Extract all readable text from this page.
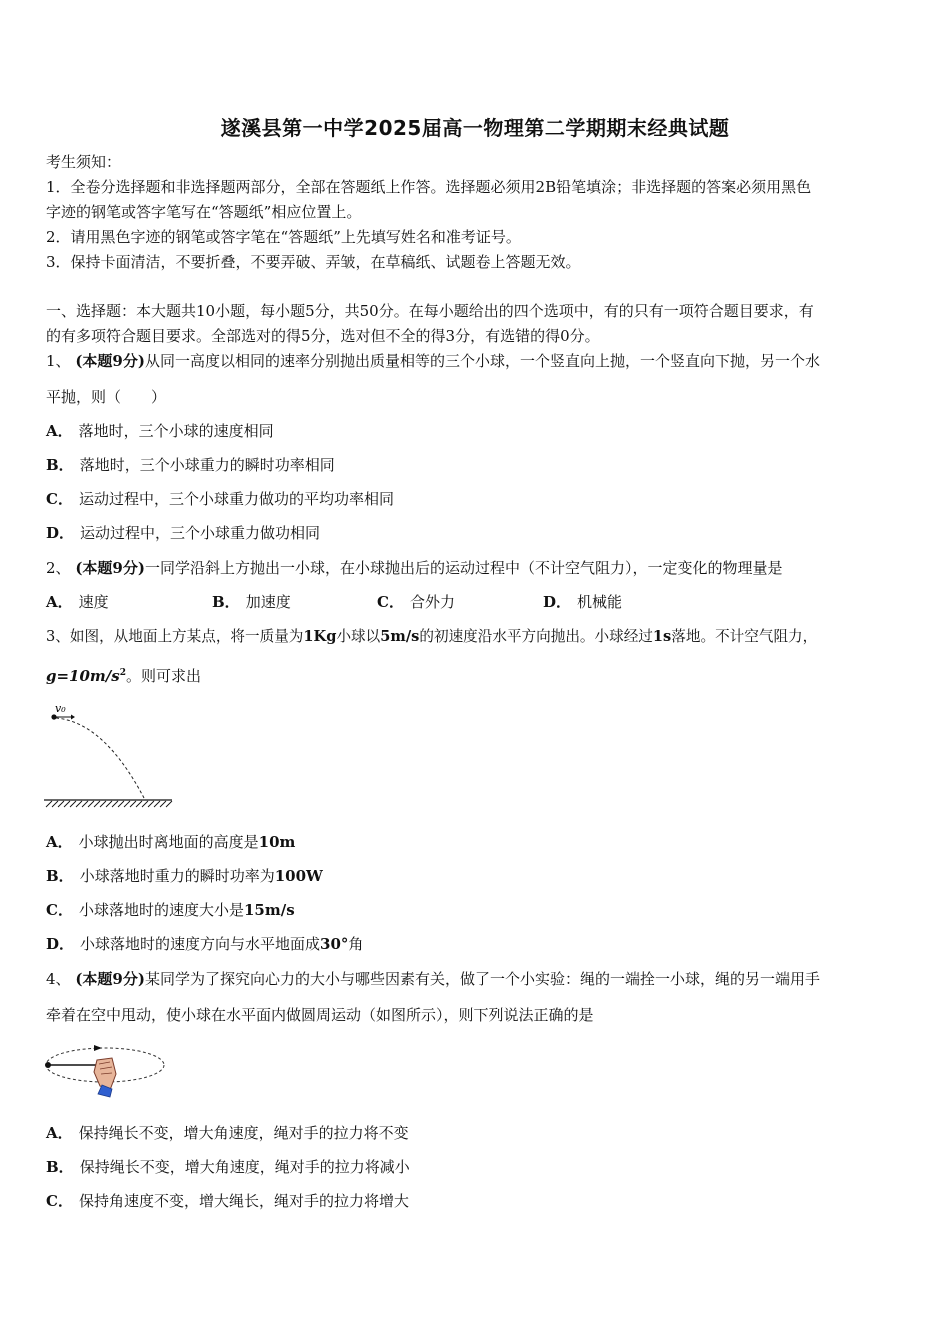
遂溪县第一中学2025届高一物理第二学期期末经典试题
考生须知：
1．全卷分选择题和非选择题两部分，全部在答题纸上作答。选择题必须用2B铅笔填涂；非选择题的答案必须用黑色
字迹的钢笔或答字笔写在“答题纸”相应位置上。
2．请用黑色字迹的钢笔或答字笔在“答题纸”上先填写姓名和准考证号。
3．保持卡面清洁，不要折叠，不要弄破、弄皱，在草稿纸、试题卷上答题无效。
一、选择题：本大题共10小题，每小题5分，共50分。在每小题给出的四个选项中，有的只有一项符合题目要求，有
的有多项符合题目要求。全部选对的得5分，选对但不全的得3分，有选错的得0分。
1、 (本题9分)从同一高度以相同的速率分别抛出质量相等的三个小球，一个竖直向上抛，一个竖直向下抛，另一个水
平抛，则（　　）
A． 落地时，三个小球的速度相同
B． 落地时，三个小球重力的瞬时功率相同
C． 运动过程中，三个小球重力做功的平均功率相同
D． 运动过程中，三个小球重力做功相同
2、 (本题9分)一同学沿斜上方抛出一小球，在小球抛出后的运动过程中（不计空气阻力），一定变化的物理量是
A． 速度	B． 加速度	C． 合外力	D． 机械能
3、如图，从地面上方某点，将一质量为1Kg小球以5m/s的初速度沿水平方向抛出。小球经过1s落地。不计空气阻力，
$g=10m/s^2$。则可求出
v₀
A． 小球抛出时离地面的高度是10m
B． 小球落地时重力的瞬时功率为100W
C． 小球落地时的速度大小是15m/s
D． 小球落地时的速度方向与水平地面成30°角
4、 (本题9分)某同学为了探究向心力的大小与哪些因素有关，做了一个小实验：绳的一端拴一小球，绳的另一端用手
牵着在空中甩动，使小球在水平面内做圆周运动（如图所示），则下列说法正确的是
A． 保持绳长不变，增大角速度，绳对手的拉力将不变
B． 保持绳长不变，增大角速度，绳对手的拉力将减小
C． 保持角速度不变，增大绳长，绳对手的拉力将增大
